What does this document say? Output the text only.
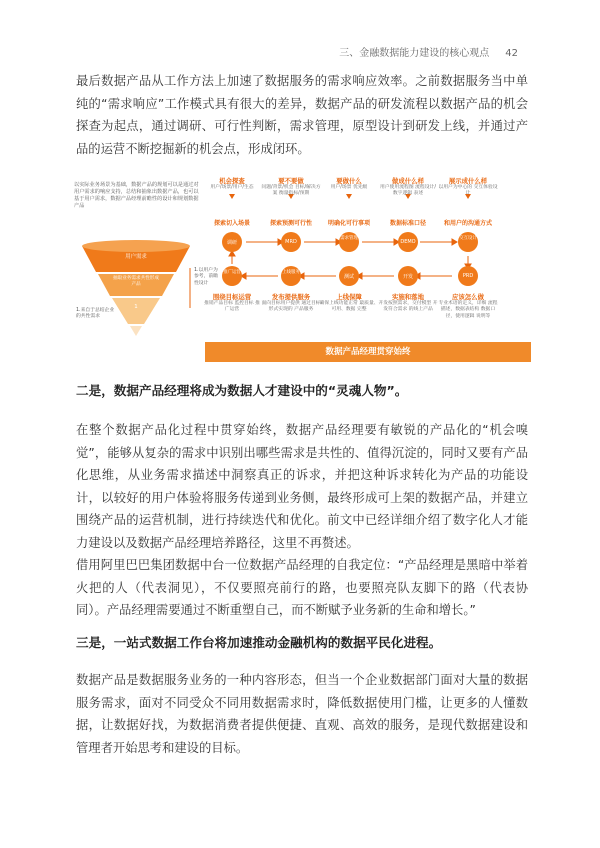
三、金融数据能力建设的核心观点 42

最后数据产品从工作方法上加速了数据服务的需求响应效率。之前数据服务当中单纯的“需求响应”工作模式具有很大的差异，数据产品的研发流程以数据产品的机会探查为起点，通过调研、可行性判断，需求管理，原型设计到研发上线，并通过产品的运营不断挖掘新的机会点，形成闭环。

以实际业务场景为基础，数据产品的规划可以是通过对用户需求的响应支持，总结和抽象出数据产品，也可以基于用户需求，数据产品经理前瞻性的设计和规划数据产品
用户需求
抽取业务需求共性形成产品
1
1.以用户为参考，前瞻性设计
1.来自于总结企业的共性需求
机会探查
用户/场景/用户/生态
要不要做
问题/背景/机会 目标/解决方案 衡量指标/预期
要做什么
用户/场景 优先级
做成什么样
用户使用流程图 流程设计/数字逻辑 表述
展示成什么样
以用户为中心的 交互体验设计
探索切入场景	探索预测可行性	明确化可行事项	数据标准口径	和用户的沟通方式
调研	MRD
需求管理
DEMO
交互设计
推广运营	上线服务
测试	开发	PRD
围绕目标运营
推销产品目标 监控目标 推广运营
发布提供服务
面向目标用户提供 通过目标形式实现的 产品服务
上线保障
确保上线功能正常 最质量、可用、数据 完整
实施和落地
开发按照需求，交付模型 开发符合需求 的线上产品
应该怎么做
专业术语的定义，详细 流程描述，数据表结构 数据口径，使用逻辑 说明等
数据产品经理贯穿始终

二是，数据产品经理将成为数据人才建设中的“灵魂人物”。

在整个数据产品化过程中贯穿始终，数据产品经理要有敏锐的产品化的“机会嗅觉”，能够从复杂的需求中识别出哪些需求是共性的、值得沉淀的，同时又要有产品化思维，从业务需求描述中洞察真正的诉求，并把这种诉求转化为产品的功能设计，以较好的用户体验将服务传递到业务侧，最终形成可上架的数据产品，并建立围绕产品的运营机制，进行持续迭代和优化。前文中已经详细介绍了数字化人才能力建设以及数据产品经理培养路径，这里不再赘述。

借用阿里巴巴集团数据中台一位数据产品经理的自我定位：“产品经理是黑暗中举着火把的人（代表洞见），不仅要照亮前行的路，也要照亮队友脚下的路（代表协同）。产品经理需要通过不断重塑自己，而不断赋予业务新的生命和增长。”

三是，一站式数据工作台将加速推动金融机构的数据平民化进程。

数据产品是数据服务业务的一种内容形态，但当一个企业数据部门面对大量的数据服务需求，面对不同受众不同用数据需求时，降低数据使用门槛，让更多的人懂数据，让数据好找，为数据消费者提供便捷、直观、高效的服务，是现代数据建设和管理者开始思考和建设的目标。
